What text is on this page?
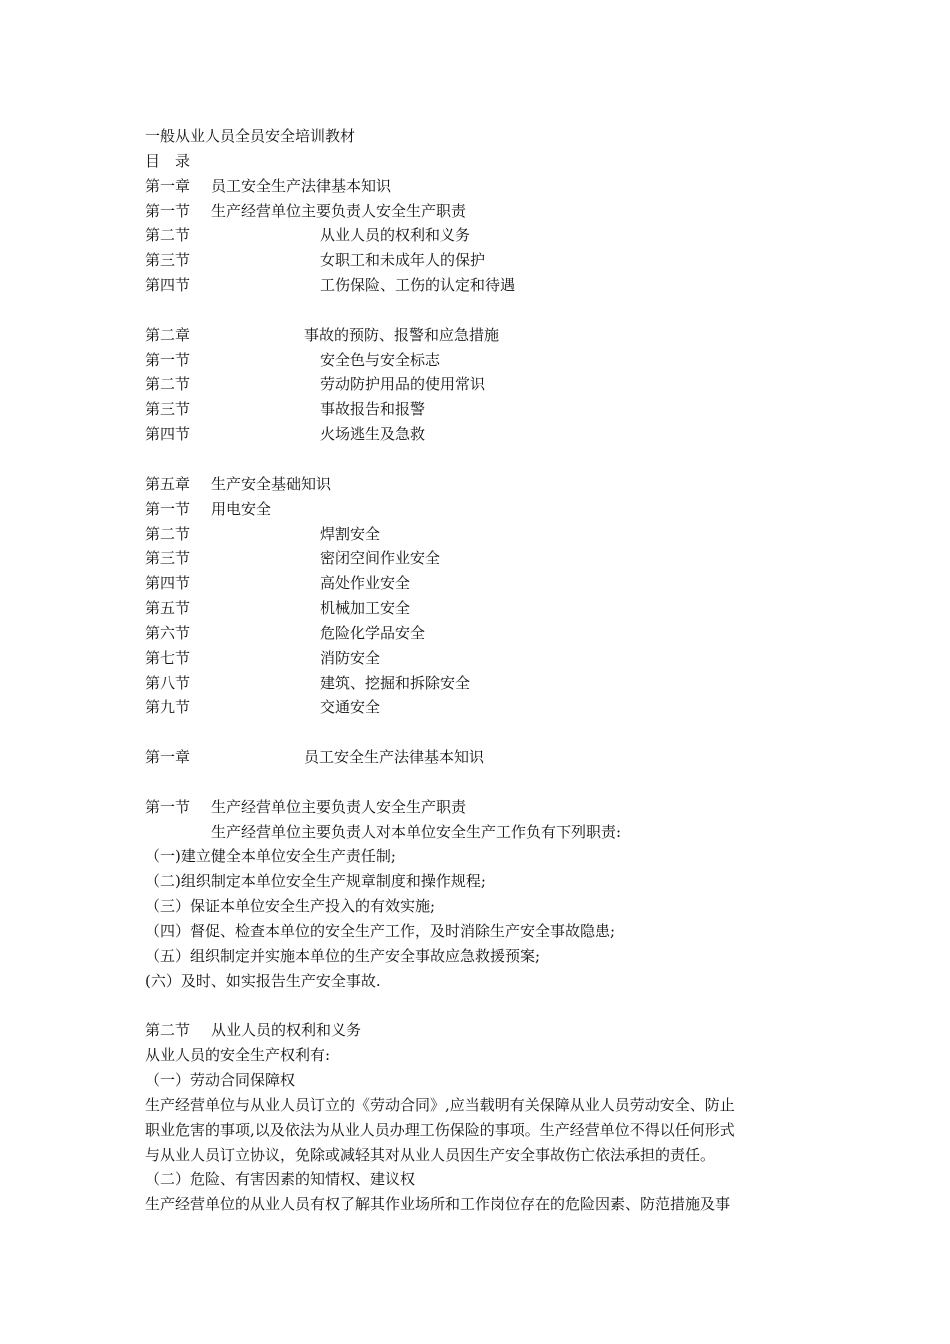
一般从业人员全员安全培训教材
目　录
第一章 员工安全生产法律基本知识
第一节 生产经营单位主要负责人安全生产职责
第二节	从业人员的权利和义务
第三节	女职工和未成年人的保护
第四节	工伤保险、工伤的认定和待遇
第二章	事故的预防、报警和应急措施
第一节	安全色与安全标志
第二节	劳动防护用品的使用常识
第三节	事故报告和报警
第四节	火场逃生及急救
第五章 生产安全基础知识
第一节 用电安全
第二节	焊割安全
第三节	密闭空间作业安全
第四节	高处作业安全
第五节	机械加工安全
第六节	危险化学品安全
第七节	消防安全
第八节	建筑、挖掘和拆除安全
第九节	交通安全
第一章	员工安全生产法律基本知识
第一节 生产经营单位主要负责人安全生产职责
生产经营单位主要负责人对本单位安全生产工作负有下列职责:
（一)建立健全本单位安全生产责任制;
（二)组织制定本单位安全生产规章制度和操作规程;
（三）保证本单位安全生产投入的有效实施;
（四）督促、检查本单位的安全生产工作，及时消除生产安全事故隐患;
（五）组织制定并实施本单位的生产安全事故应急救援预案;
(六）及时、如实报告生产安全事故.
第二节 从业人员的权利和义务
从业人员的安全生产权利有:
（一）劳动合同保障权
生产经营单位与从业人员订立的《劳动合同》,应当载明有关保障从业人员劳动安全、防止
职业危害的事项,以及依法为从业人员办理工伤保险的事项。生产经营单位不得以任何形式
与从业人员订立协议，免除或减轻其对从业人员因生产安全事故伤亡依法承担的责任。
（二）危险、有害因素的知情权、建议权
生产经营单位的从业人员有权了解其作业场所和工作岗位存在的危险因素、防范措施及事
